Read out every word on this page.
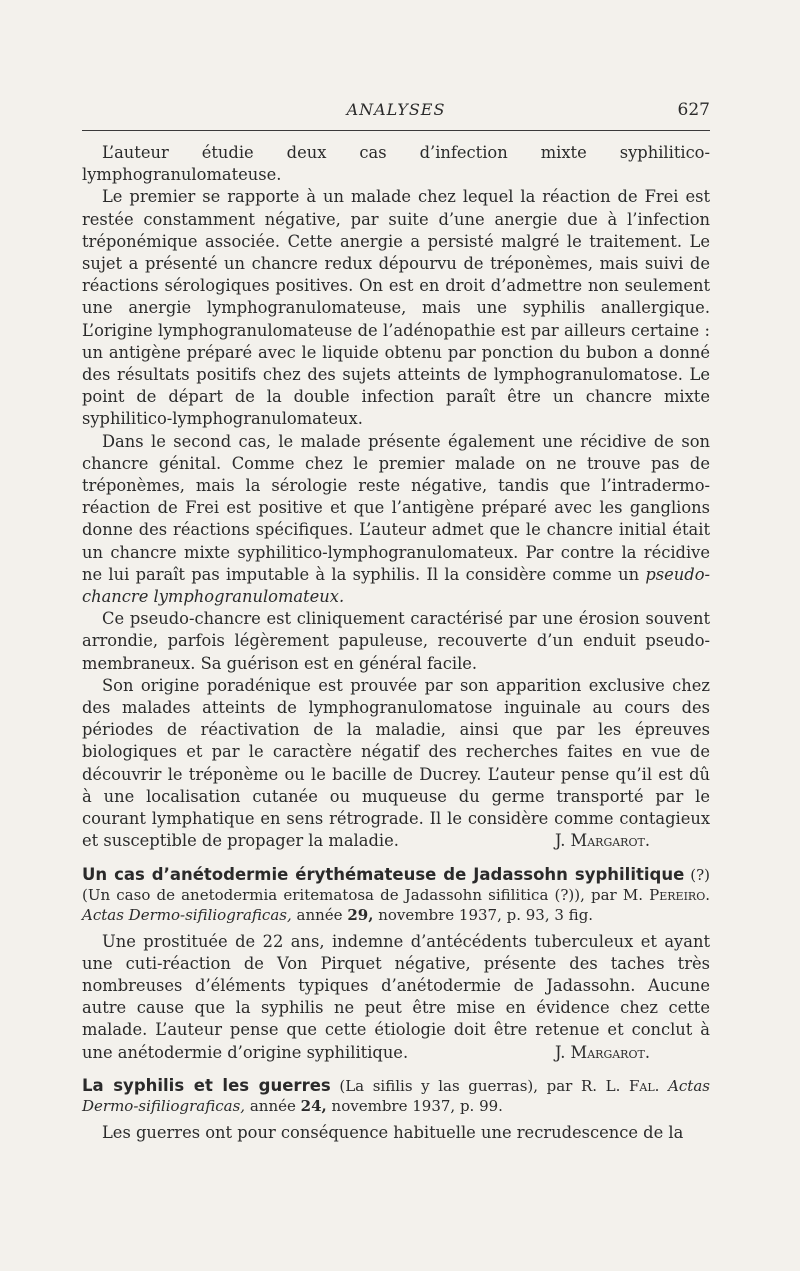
ANALYSES	627

L’auteur étudie deux cas d’infection mixte syphilitico-lymphogranulomateuse.

Le premier se rapporte à un malade chez lequel la réaction de Frei est restée constamment négative, par suite d’une anergie due à l’infection tréponémique associée. Cette anergie a persisté malgré le traitement. Le sujet a présenté un chancre redux dépourvu de tréponèmes, mais suivi de réactions sérologiques positives. On est en droit d’admettre non seulement une anergie lymphogranulomateuse, mais une syphilis anallergique. L’origine lymphogranulomateuse de l’adénopathie est par ailleurs certaine : un antigène préparé avec le liquide obtenu par ponction du bubon a donné des résultats positifs chez des sujets atteints de lymphogranulomatose. Le point de départ de la double infection paraît être un chancre mixte syphilitico-lymphogranulomateux.

Dans le second cas, le malade présente également une récidive de son chancre génital. Comme chez le premier malade on ne trouve pas de tréponèmes, mais la sérologie reste négative, tandis que l’intradermo-réaction de Frei est positive et que l’antigène préparé avec les ganglions donne des réactions spécifiques. L’auteur admet que le chancre initial était un chancre mixte syphilitico-lymphogranulomateux. Par contre la récidive ne lui paraît pas imputable à la syphilis. Il la considère comme un pseudo-chancre lymphogranulomateux.

Ce pseudo-chancre est cliniquement caractérisé par une érosion souvent arrondie, parfois légèrement papuleuse, recouverte d’un enduit pseudo-membraneux. Sa guérison est en général facile.

Son origine poradénique est prouvée par son apparition exclusive chez des malades atteints de lymphogranulomatose inguinale au cours des périodes de réactivation de la maladie, ainsi que par les épreuves biologiques et par le caractère négatif des recherches faites en vue de découvrir le tréponème ou le bacille de Ducrey. L’auteur pense qu’il est dû à une localisation cutanée ou muqueuse du germe transporté par le courant lymphatique en sens rétrograde. Il le considère comme contagieux et susceptible de propager la maladie.	J. Margarot.

Un cas d’anétodermie érythémateuse de Jadassohn syphilitique (?) (Un caso de anetodermia eritematosa de Jadassohn sifilitica (?)), par M. Pereiro. Actas Dermo-sifiliograficas, année 29, novembre 1937, p. 93, 3 fig.

Une prostituée de 22 ans, indemne d’antécédents tuberculeux et ayant une cuti-réaction de Von Pirquet négative, présente des taches très nombreuses d’éléments typiques d’anétodermie de Jadassohn. Aucune autre cause que la syphilis ne peut être mise en évidence chez cette malade. L’auteur pense que cette étiologie doit être retenue et conclut à une anétodermie d’origine syphilitique.	J. Margarot.

La syphilis et les guerres (La sifilis y las guerras), par R. L. Fal. Actas Dermo-sifiliograficas, année 24, novembre 1937, p. 99.

Les guerres ont pour conséquence habituelle une recrudescence de la
